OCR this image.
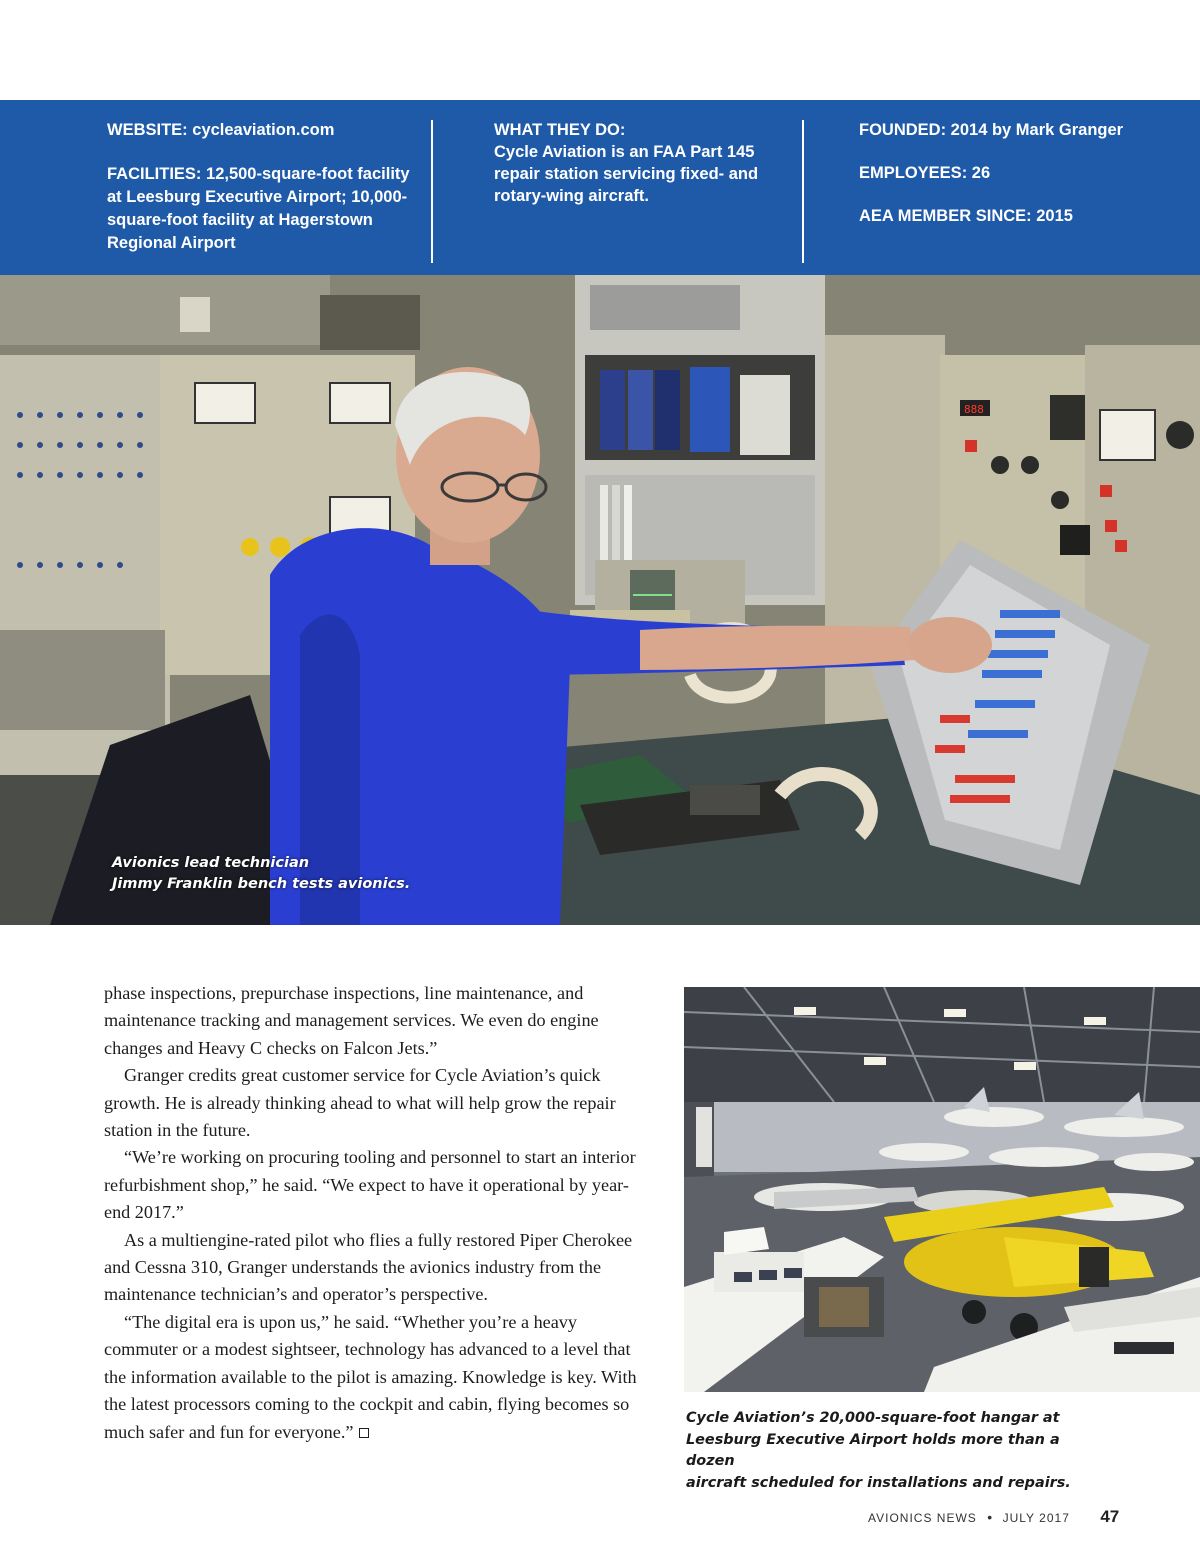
WEBSITE: cycleaviation.com
FACILITIES: 12,500-square-foot facility at Leesburg Executive Airport; 10,000-square-foot facility at Hagerstown Regional Airport
WHAT THEY DO:
Cycle Aviation is an FAA Part 145 repair station servicing fixed- and rotary-wing aircraft.
FOUNDED: 2014 by Mark Granger
EMPLOYEES: 26
AEA MEMBER SINCE: 2015
888
Avionics lead technician
Jimmy Franklin bench tests avionics.

phase inspections, prepurchase inspections, line maintenance, and maintenance tracking and management services. We even do engine changes and Heavy C checks on Falcon Jets.”

Granger credits great customer service for Cycle Aviation’s quick growth. He is already thinking ahead to what will help grow the repair station in the future.

“We’re working on procuring tooling and personnel to start an interior refurbishment shop,” he said. “We expect to have it operational by year-end 2017.”

As a multiengine-rated pilot who flies a fully restored Piper Cherokee and Cessna 310, Granger understands the avionics industry from the maintenance technician’s and operator’s perspective.

“The digital era is upon us,” he said. “Whether you’re a heavy commuter or a modest sightseer, technology has advanced to a level that the information available to the pilot is amazing. Knowledge is key. With the latest processors coming to the cockpit and cabin, flying becomes so much safer and fun for everyone.”

Cycle Aviation’s 20,000-square-foot hangar at
Leesburg Executive Airport holds more than a dozen
aircraft scheduled for installations and repairs.
AVIONICS NEWS • JULY 2017 47
